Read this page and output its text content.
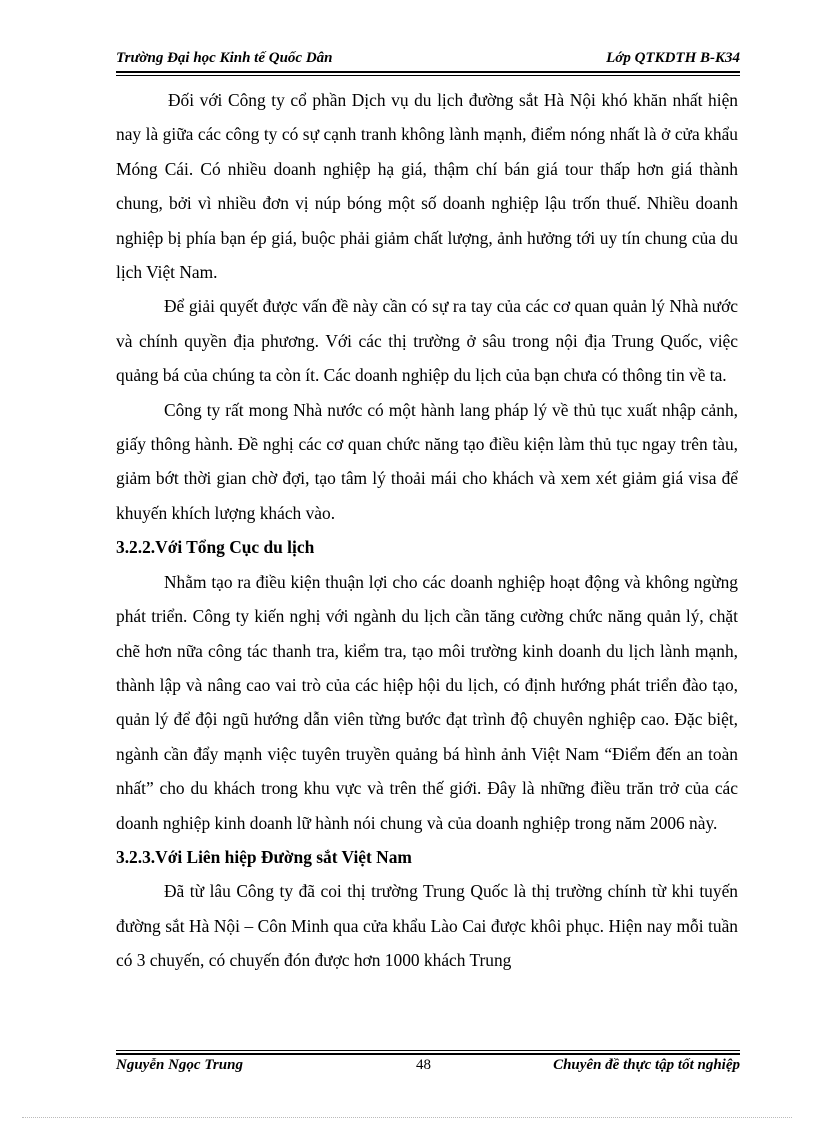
Trường Đại học Kinh tế Quốc Dân	Lớp QTKDTH B-K34

Đối với Công ty cổ phần Dịch vụ du lịch đường sắt Hà Nội khó khăn nhất hiện nay là giữa các công ty có sự cạnh tranh không lành mạnh, điểm nóng nhất là ở cửa khẩu Móng Cái. Có nhiều doanh nghiệp hạ giá, thậm chí bán giá tour thấp hơn giá thành chung, bởi vì nhiều đơn vị núp bóng một số doanh nghiệp lậu trốn thuế. Nhiều doanh nghiệp bị phía bạn ép giá, buộc phải giảm chất lượng, ảnh hưởng tới uy tín chung của du lịch Việt Nam.

Để giải quyết được vấn đề này cần có sự ra tay của các cơ quan quản lý Nhà nước và chính quyền địa phương. Với các thị trường ở sâu trong nội địa Trung Quốc, việc quảng bá của chúng ta còn ít. Các doanh nghiệp du lịch của bạn chưa có thông tin về ta.

Công ty rất mong Nhà nước có một hành lang pháp lý về thủ tục xuất nhập cảnh, giấy thông hành. Đề nghị các cơ quan chức năng tạo điều kiện làm thủ tục ngay trên tàu, giảm bớt thời gian chờ đợi, tạo tâm lý thoải mái cho khách và xem xét giảm giá visa để khuyến khích lượng khách vào.

3.2.2.Với Tổng Cục du lịch

Nhằm tạo ra điều kiện thuận lợi cho các doanh nghiệp hoạt động và không ngừng phát triển. Công ty kiến nghị với ngành du lịch cần tăng cường chức năng quản lý, chặt chẽ hơn nữa công tác thanh tra, kiểm tra, tạo môi trường kinh doanh du lịch lành mạnh, thành lập và nâng cao vai trò của các hiệp hội du lịch, có định hướng phát triển đào tạo, quản lý để đội ngũ hướng dẫn viên từng bước đạt trình độ chuyên nghiệp cao. Đặc biệt, ngành cần đẩy mạnh việc tuyên truyền quảng bá hình ảnh Việt Nam “Điểm đến an toàn nhất” cho du khách trong khu vực và trên thế giới. Đây là những điều trăn trở của các doanh nghiệp kinh doanh lữ hành nói chung và của doanh nghiệp trong năm 2006 này.

3.2.3.Với Liên hiệp Đường sắt Việt Nam

Đã từ lâu Công ty đã coi thị trường Trung Quốc là thị trường chính từ khi tuyến đường sắt Hà Nội – Côn Minh qua cửa khẩu Lào Cai được khôi phục. Hiện nay mỗi tuần có 3 chuyến, có chuyến đón được hơn 1000 khách Trung

Nguyễn Ngọc Trung	48	Chuyên đề thực tập tốt nghiệp
